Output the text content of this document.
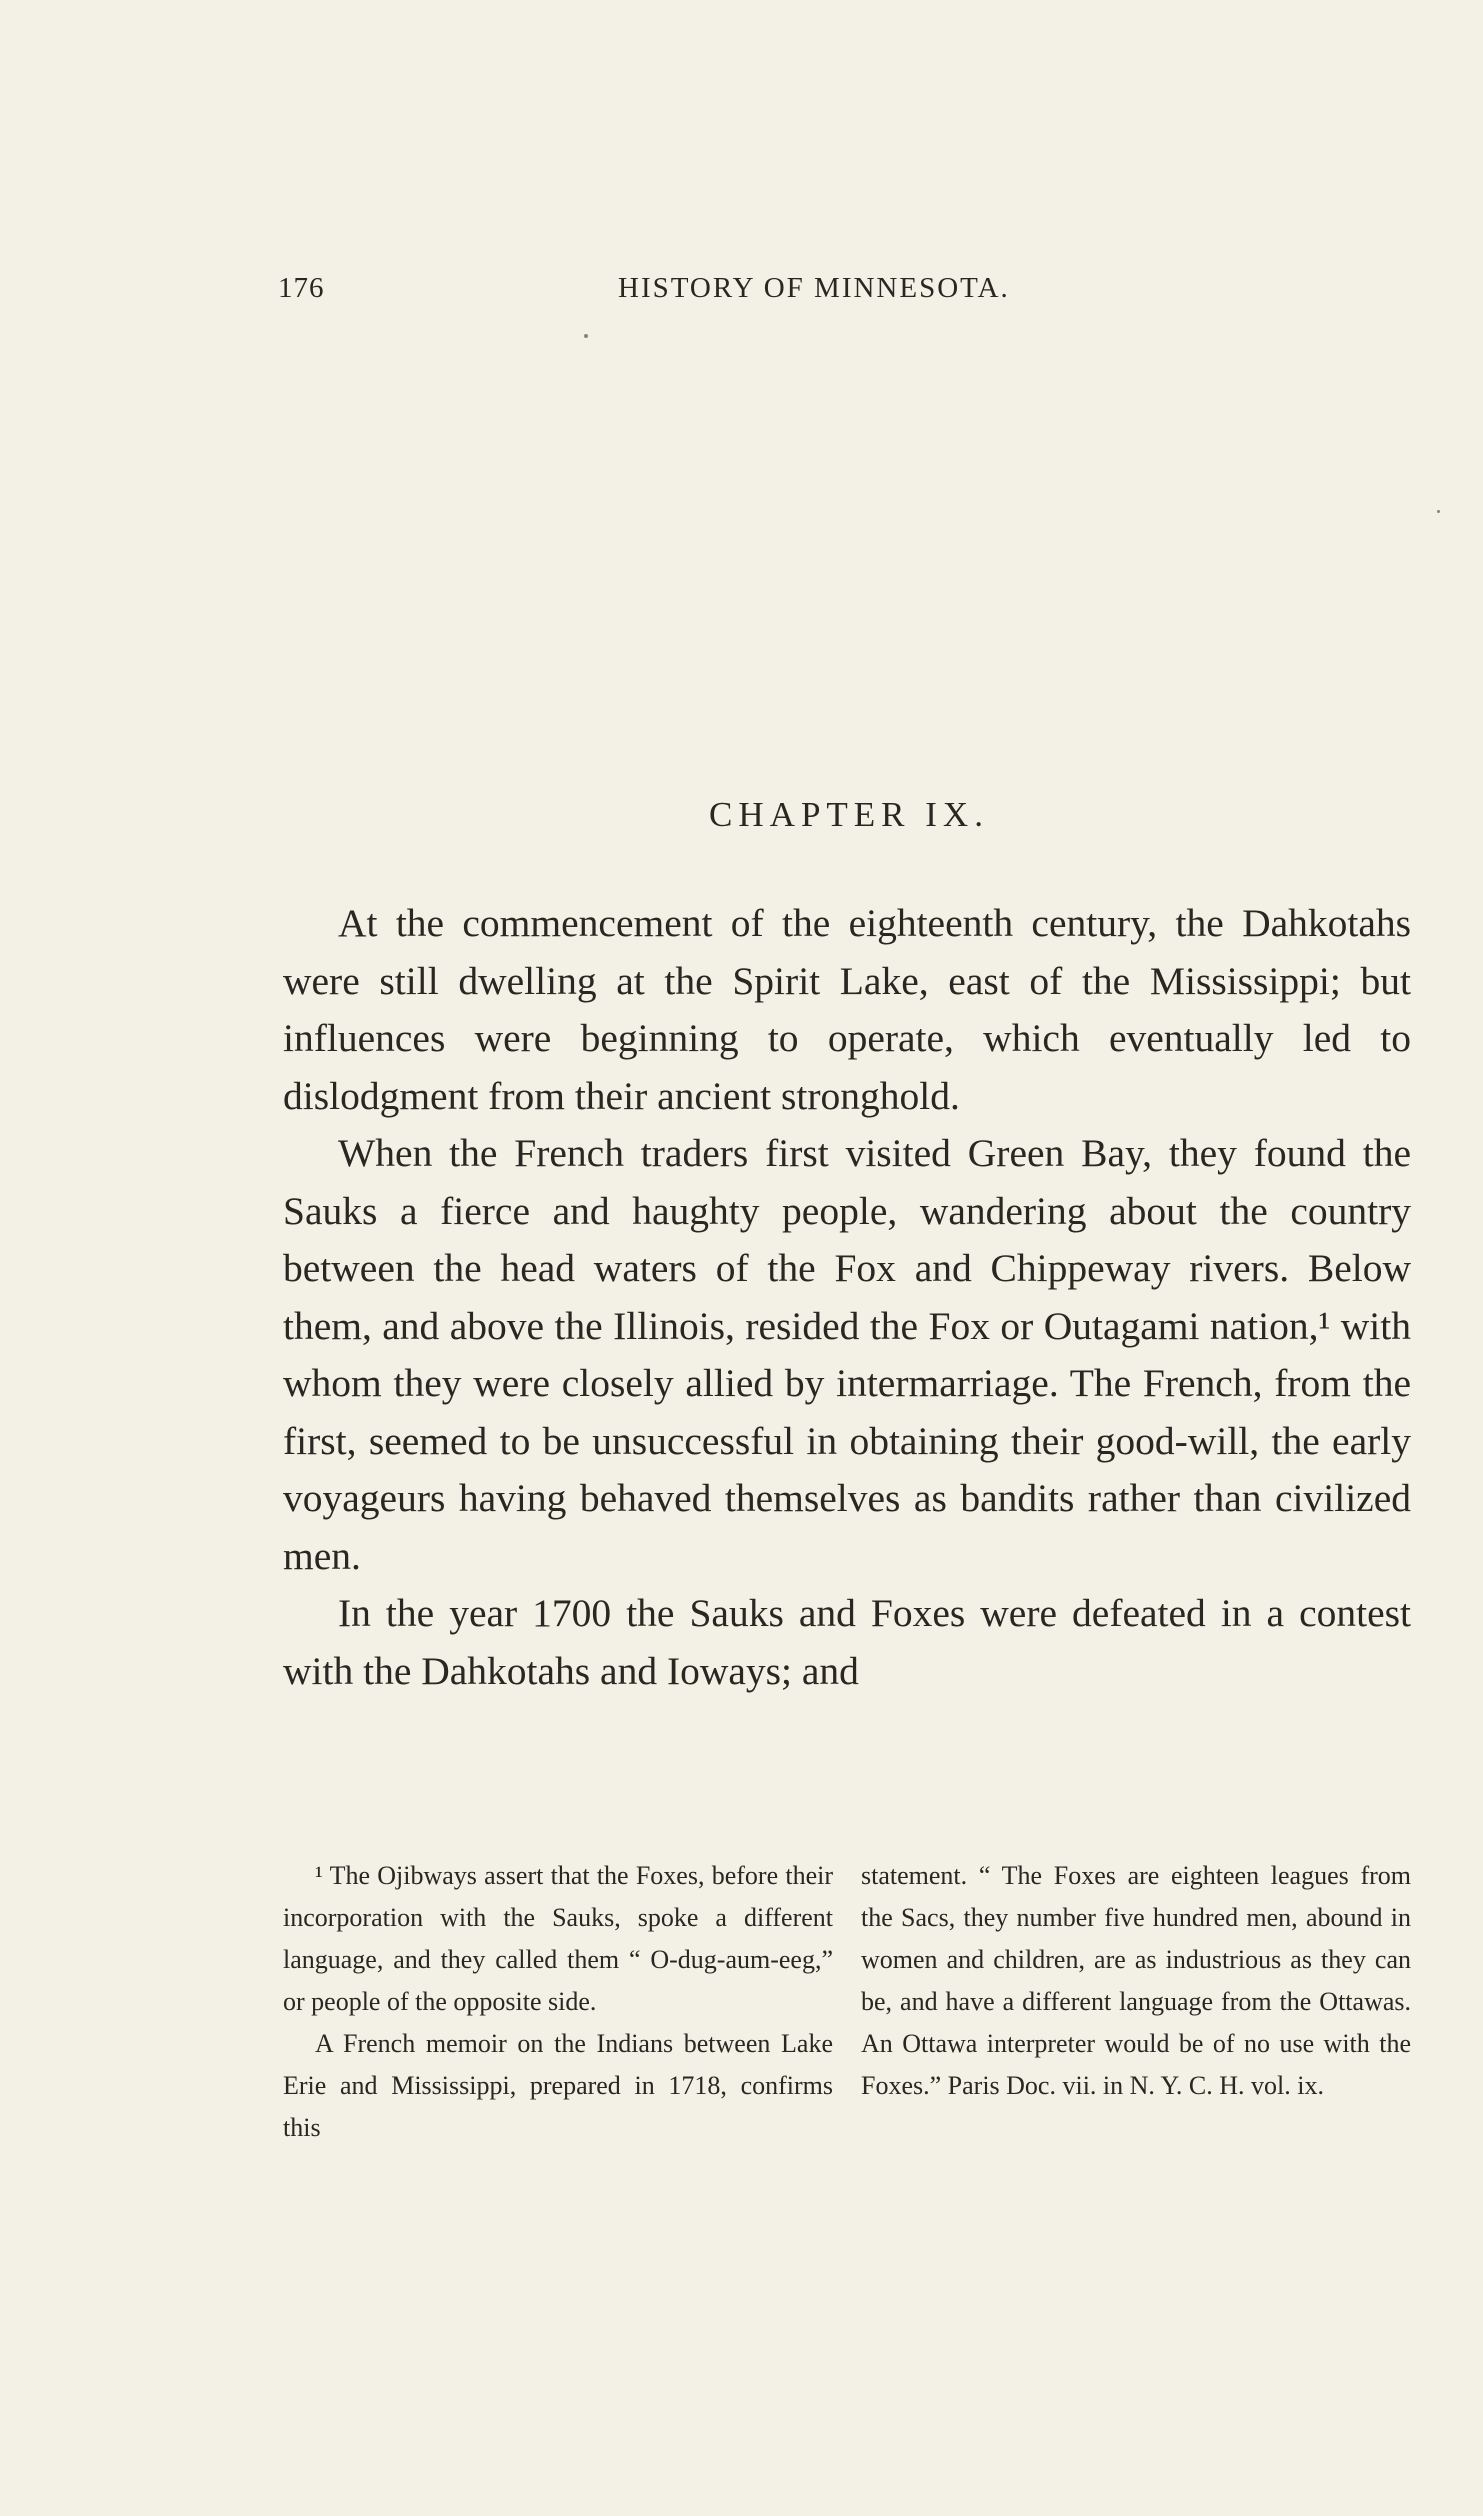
176	HISTORY OF MINNESOTA.
CHAPTER IX.

At the commencement of the eighteenth century, the Dahkotahs were still dwelling at the Spirit Lake, east of the Mississippi; but influences were beginning to operate, which eventually led to dislodgment from their ancient stronghold.

When the French traders first visited Green Bay, they found the Sauks a fierce and haughty people, wandering about the country between the head waters of the Fox and Chippeway rivers. Below them, and above the Illinois, resided the Fox or Outagami nation,¹ with whom they were closely allied by intermarriage. The French, from the first, seemed to be unsuccessful in obtaining their good-will, the early voyageurs having behaved themselves as bandits rather than civilized men.

In the year 1700 the Sauks and Foxes were defeated in a contest with the Dahkotahs and Ioways; and

¹ The Ojibways assert that the Foxes, before their incorporation with the Sauks, spoke a different language, and they called them “ O-dug-aum-eeg,” or people of the opposite side.

A French memoir on the Indians between Lake Erie and Mississippi, prepared in 1718, confirms this

statement. “ The Foxes are eighteen leagues from the Sacs, they number five hundred men, abound in women and children, are as industrious as they can be, and have a different language from the Ottawas. An Ottawa interpreter would be of no use with the Foxes.” Paris Doc. vii. in N. Y. C. H. vol. ix.
